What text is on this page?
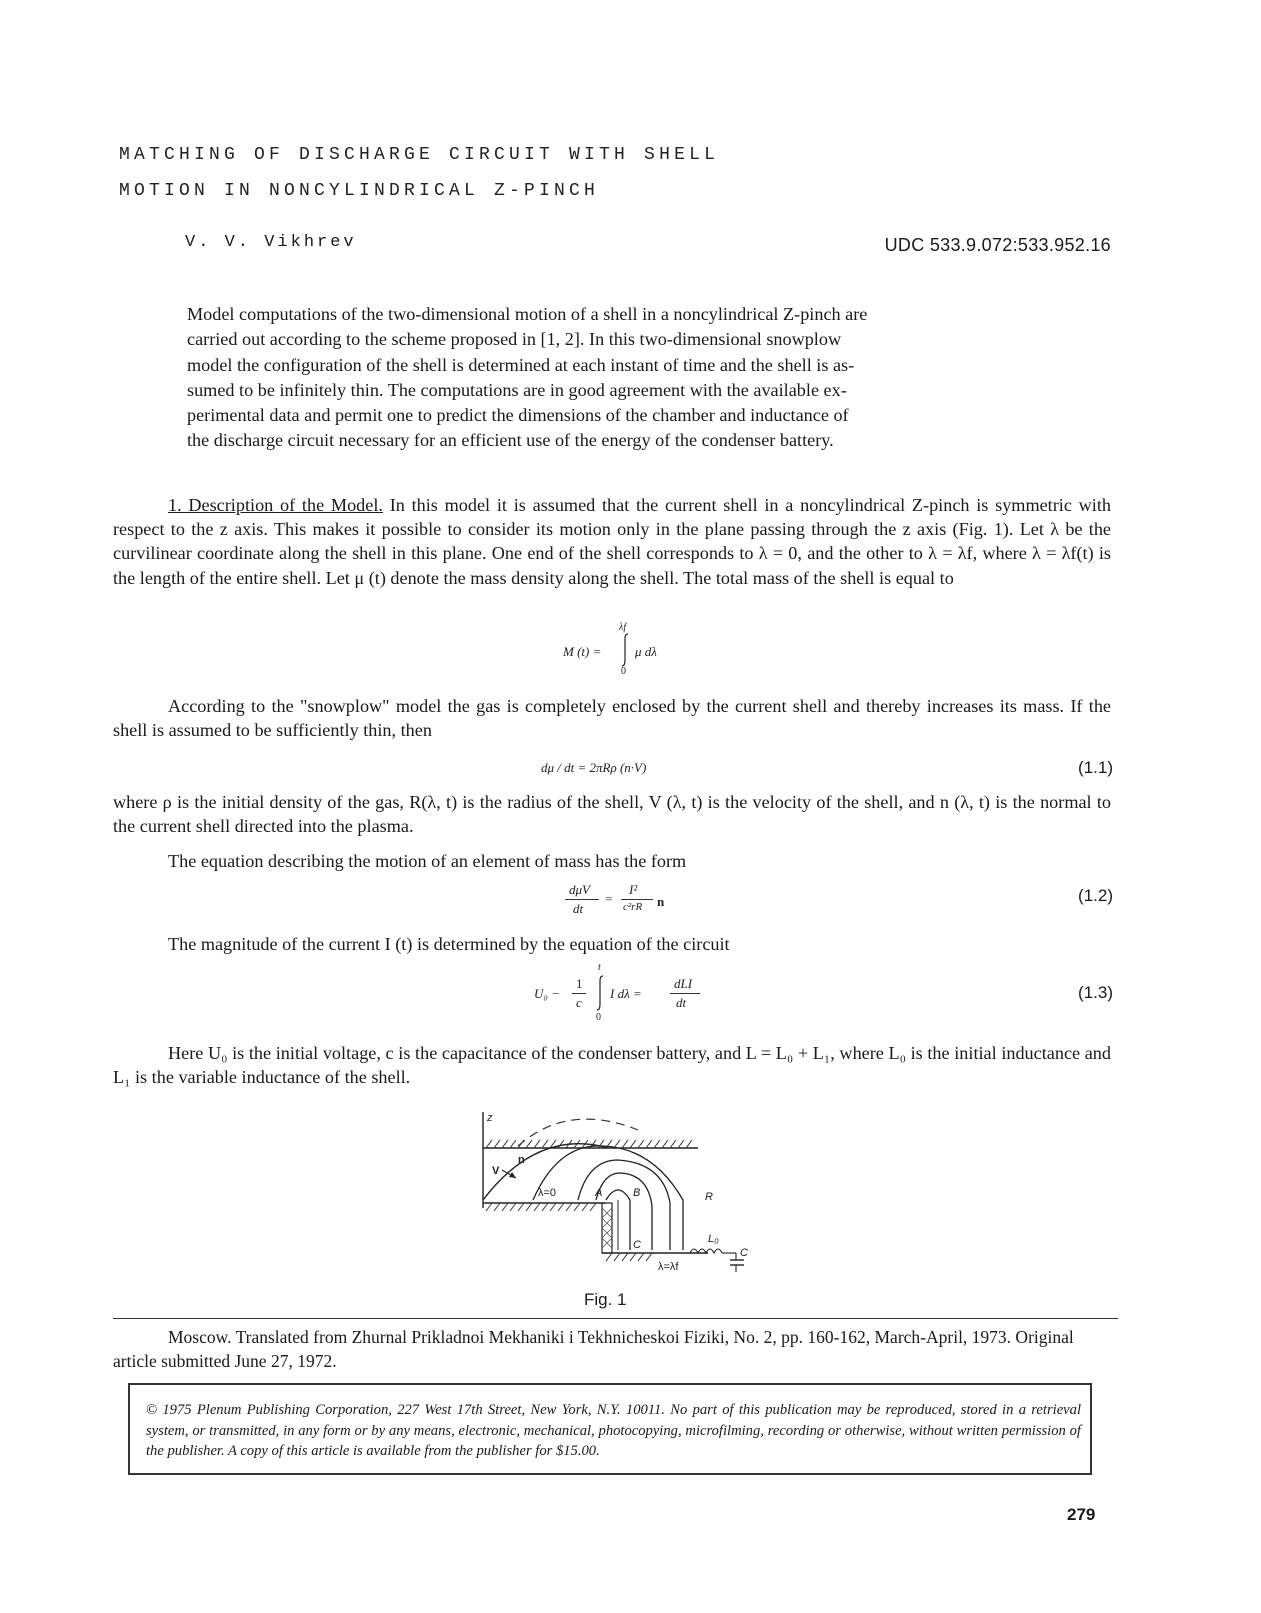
MATCHING OF DISCHARGE CIRCUIT WITH SHELL
MOTION IN NONCYLINDRICAL Z-PINCH
V. V. Vikhrev	UDC 533.9.072:533.952.16
Model computations of the two-dimensional motion of a shell in a noncylindrical Z-pinch are
carried out according to the scheme proposed in [1, 2]. In this two-dimensional snowplow
model the configuration of the shell is determined at each instant of time and the shell is as-
sumed to be infinitely thin. The computations are in good agreement with the available ex-
perimental data and permit one to predict the dimensions of the chamber and inductance of
the discharge circuit necessary for an efficient use of the energy of the condenser battery.
1. Description of the Model. In this model it is assumed that the current shell in a noncylindrical Z-pinch is symmetric with respect to the z axis. This makes it possible to consider its motion only in the plane passing through the z axis (Fig. 1). Let λ be the curvilinear coordinate along the shell in this plane. One end of the shell corresponds to λ = 0, and the other to λ = λf, where λ = λf(t) is the length of the entire shell. Let μ (t) denote the mass density along the shell. The total mass of the shell is equal to
M (t) =
λf
0
μ dλ
According to the "snowplow" model the gas is completely enclosed by the current shell and thereby increases its mass. If the shell is assumed to be sufficiently thin, then
dμ / dt = 2πRρ (n·V)	(1.1)
where ρ is the initial density of the gas, R(λ, t) is the radius of the shell, V (λ, t) is the velocity of the shell, and n (λ, t) is the normal to the current shell directed into the plasma.
The equation describing the motion of an element of mass has the form
dμV
dt
=
I²
c²rR n	(1.2)
The magnitude of the current I (t) is determined by the equation of the circuit
U₀ −
1
c
t
0
I dλ =
dLI
dt
(1.3)
Here U₀ is the initial voltage, c is the capacitance of the condenser battery, and L = L₀ + L₁, where L₀ is the initial inductance and L₁ is the variable inductance of the shell.
z
V
n
λ=0	A	B	R
C	L₀
C
λ=λf
Fig. 1
Moscow. Translated from Zhurnal Prikladnoi Mekhaniki i Tekhnicheskoi Fiziki, No. 2, pp. 160-162, March-April, 1973. Original article submitted June 27, 1972.
© 1975 Plenum Publishing Corporation, 227 West 17th Street, New York, N.Y. 10011. No part of this publication may be reproduced, stored in a retrieval system, or transmitted, in any form or by any means, electronic, mechanical, photocopying, microfilming, recording or otherwise, without written permission of the publisher. A copy of this article is available from the publisher for $15.00.
279
